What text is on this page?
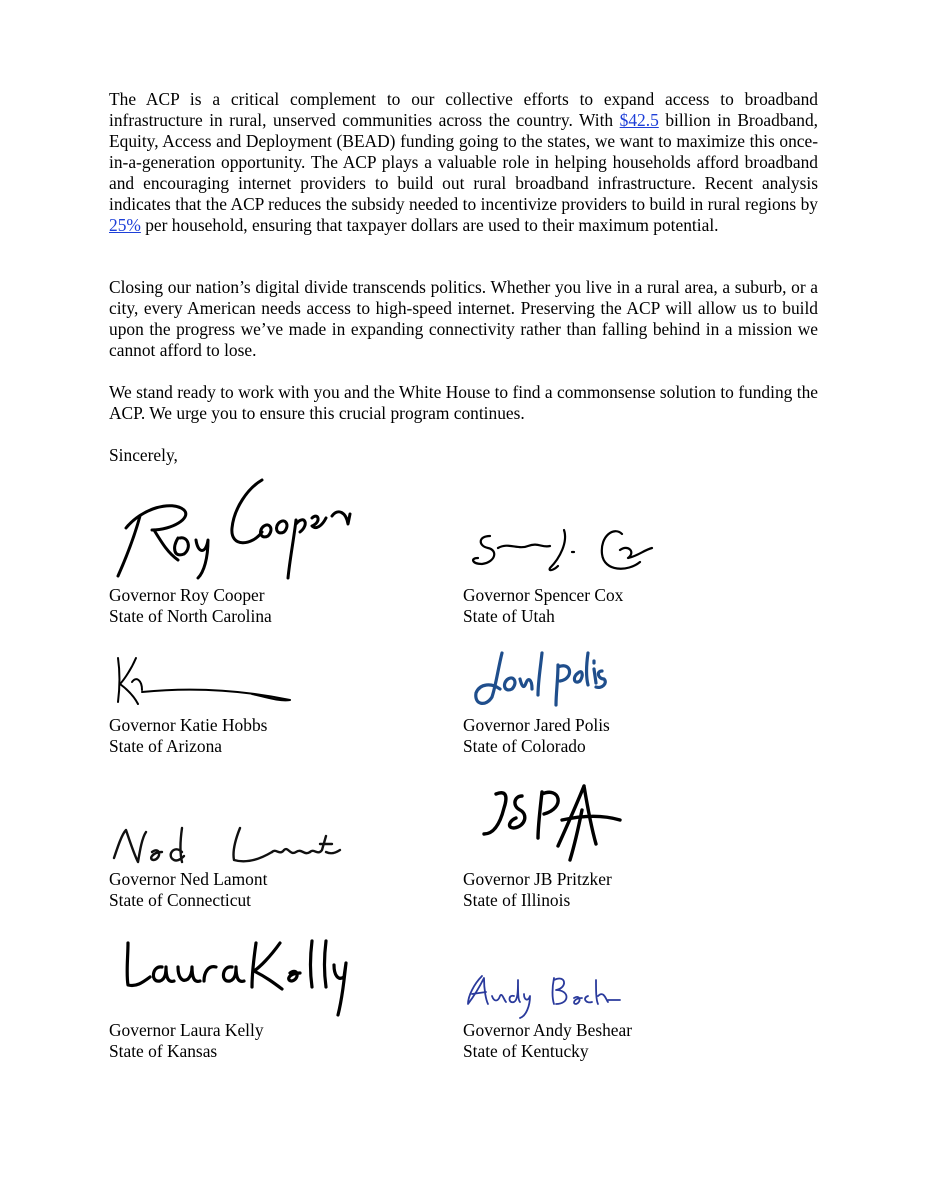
The ACP is a critical complement to our collective efforts to expand access to broadband infrastructure in rural, unserved communities across the country. With $42.5 billion in Broadband, Equity, Access and Deployment (BEAD) funding going to the states, we want to maximize this once-in-a-generation opportunity. The ACP plays a valuable role in helping households afford broadband and encouraging internet providers to build out rural broadband infrastructure. Recent analysis indicates that the ACP reduces the subsidy needed to incentivize providers to build in rural regions by 25% per household, ensuring that taxpayer dollars are used to their maximum potential.

Closing our nation’s digital divide transcends politics. Whether you live in a rural area, a suburb, or a city, every American needs access to high-speed internet. Preserving the ACP will allow us to build upon the progress we’ve made in expanding connectivity rather than falling behind in a mission we cannot afford to lose.

We stand ready to work with you and the White House to find a commonsense solution to funding the ACP. We urge you to ensure this crucial program continues.

Sincerely,

Governor Roy Cooper
State of North Carolina
Governor Spencer Cox
State of Utah
Governor Katie Hobbs
State of Arizona
Governor Jared Polis
State of Colorado
Governor Ned Lamont
State of Connecticut
Governor JB Pritzker
State of Illinois
Governor Laura Kelly
State of Kansas
Governor Andy Beshear
State of Kentucky
